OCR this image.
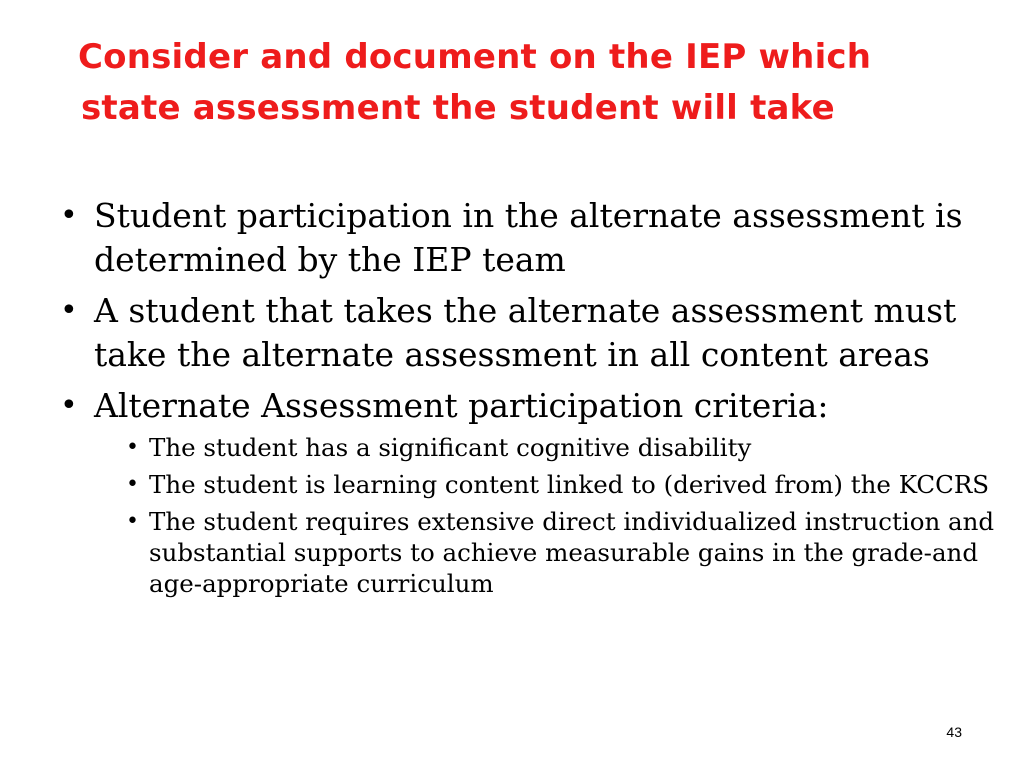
Consider and document on the IEP which
state assessment the student will take
• Student participation in the alternate assessment is determined by the IEP team
• A student that takes the alternate assessment must take the alternate assessment in all content areas
• Alternate Assessment participation criteria:
• The student has a significant cognitive disability
• The student is learning content linked to (derived from) the KCCRS
• The student requires extensive direct individualized instruction and substantial supports to achieve measurable gains in the grade-and age-appropriate curriculum
43
